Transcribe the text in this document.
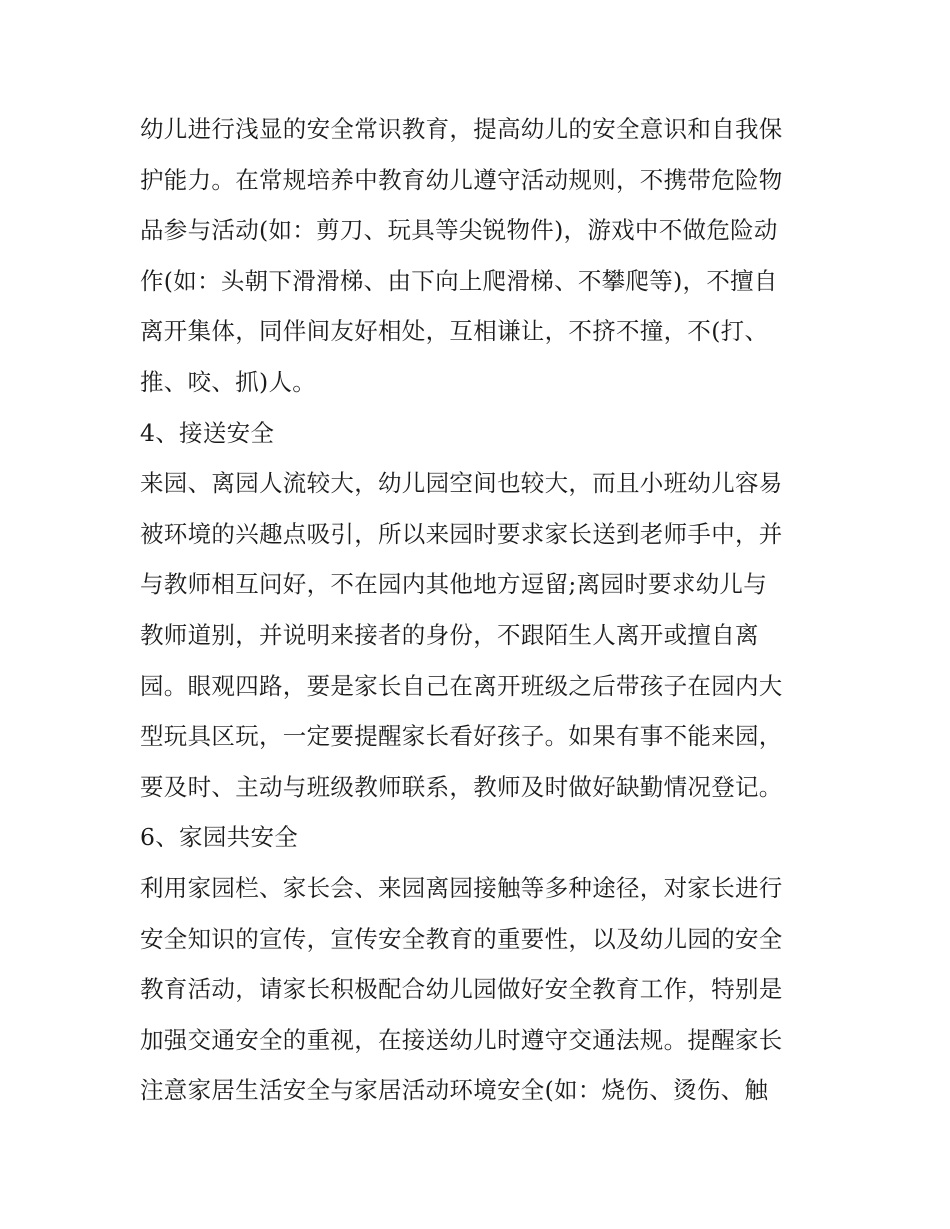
幼儿进行浅显的安全常识教育，提高幼儿的安全意识和自我保
护能力。在常规培养中教育幼儿遵守活动规则，不携带危险物
品参与活动(如：剪刀、玩具等尖锐物件)，游戏中不做危险动
作(如：头朝下滑滑梯、由下向上爬滑梯、不攀爬等)，不擅自
离开集体，同伴间友好相处，互相谦让，不挤不撞，不(打、
推、咬、抓)人。
4、接送安全
来园、离园人流较大，幼儿园空间也较大，而且小班幼儿容易
被环境的兴趣点吸引，所以来园时要求家长送到老师手中，并
与教师相互问好，不在园内其他地方逗留;离园时要求幼儿与
教师道别，并说明来接者的身份，不跟陌生人离开或擅自离
园。眼观四路，要是家长自己在离开班级之后带孩子在园内大
型玩具区玩，一定要提醒家长看好孩子。如果有事不能来园，
要及时、主动与班级教师联系，教师及时做好缺勤情况登记。
6、家园共安全
利用家园栏、家长会、来园离园接触等多种途径，对家长进行
安全知识的宣传，宣传安全教育的重要性，以及幼儿园的安全
教育活动，请家长积极配合幼儿园做好安全教育工作，特别是
加强交通安全的重视，在接送幼儿时遵守交通法规。提醒家长
注意家居生活安全与家居活动环境安全(如：烧伤、烫伤、触
